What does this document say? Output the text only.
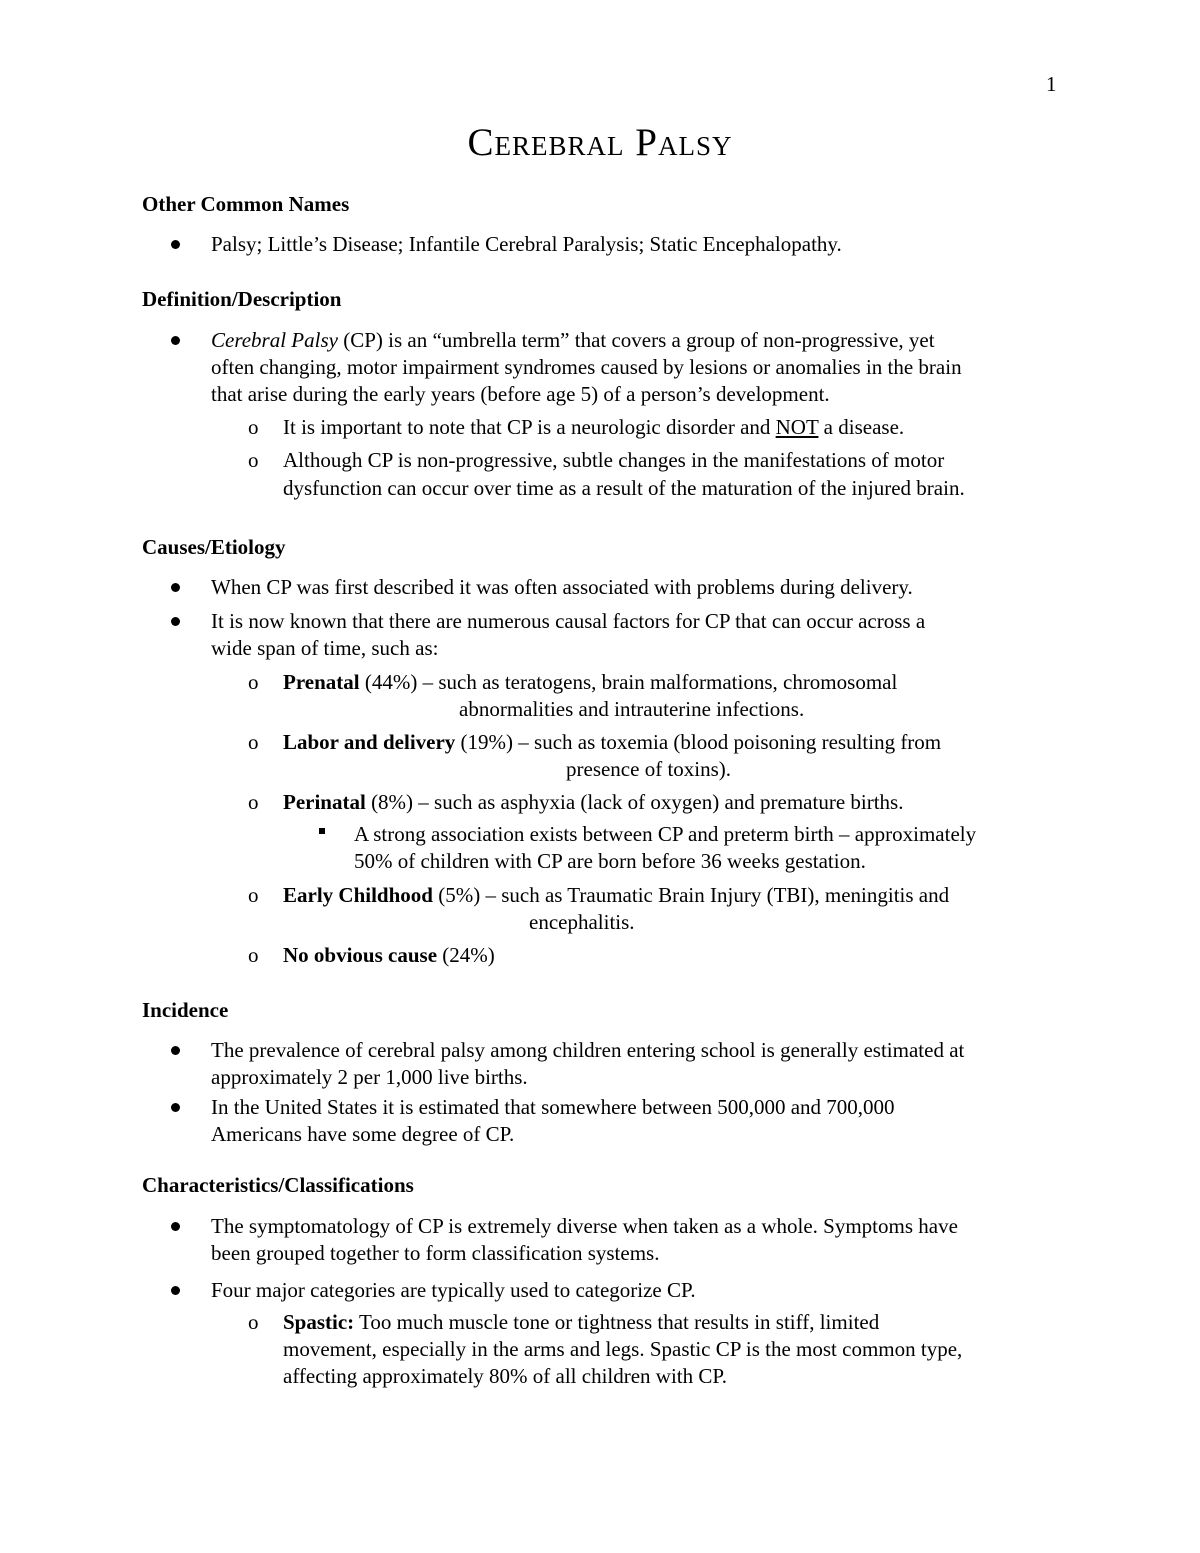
1
Cerebral Palsy
Other Common Names
Palsy; Little’s Disease; Infantile Cerebral Paralysis; Static Encephalopathy.
Definition/Description
Cerebral Palsy (CP) is an “umbrella term” that covers a group of non-progressive, yet
often changing, motor impairment syndromes caused by lesions or anomalies in the brain
that arise during the early years (before age 5) of a person’s development.
o It is important to note that CP is a neurologic disorder and NOT a disease.
o Although CP is non-progressive, subtle changes in the manifestations of motor
dysfunction can occur over time as a result of the maturation of the injured brain.
Causes/Etiology
When CP was first described it was often associated with problems during delivery.
It is now known that there are numerous causal factors for CP that can occur across a
wide span of time, such as:
o Prenatal (44%) – such as teratogens, brain malformations, chromosomal
abnormalities and intrauterine infections.
o Labor and delivery (19%) – such as toxemia (blood poisoning resulting from
presence of toxins).
o Perinatal (8%) – such as asphyxia (lack of oxygen) and premature births.
A strong association exists between CP and preterm birth – approximately
50% of children with CP are born before 36 weeks gestation.
o Early Childhood (5%) – such as Traumatic Brain Injury (TBI), meningitis and
encephalitis.
o No obvious cause (24%)
Incidence
The prevalence of cerebral palsy among children entering school is generally estimated at
approximately 2 per 1,000 live births.
In the United States it is estimated that somewhere between 500,000 and 700,000
Americans have some degree of CP.
Characteristics/Classifications
The symptomatology of CP is extremely diverse when taken as a whole. Symptoms have
been grouped together to form classification systems.
Four major categories are typically used to categorize CP.
o Spastic: Too much muscle tone or tightness that results in stiff, limited
movement, especially in the arms and legs. Spastic CP is the most common type,
affecting approximately 80% of all children with CP.
